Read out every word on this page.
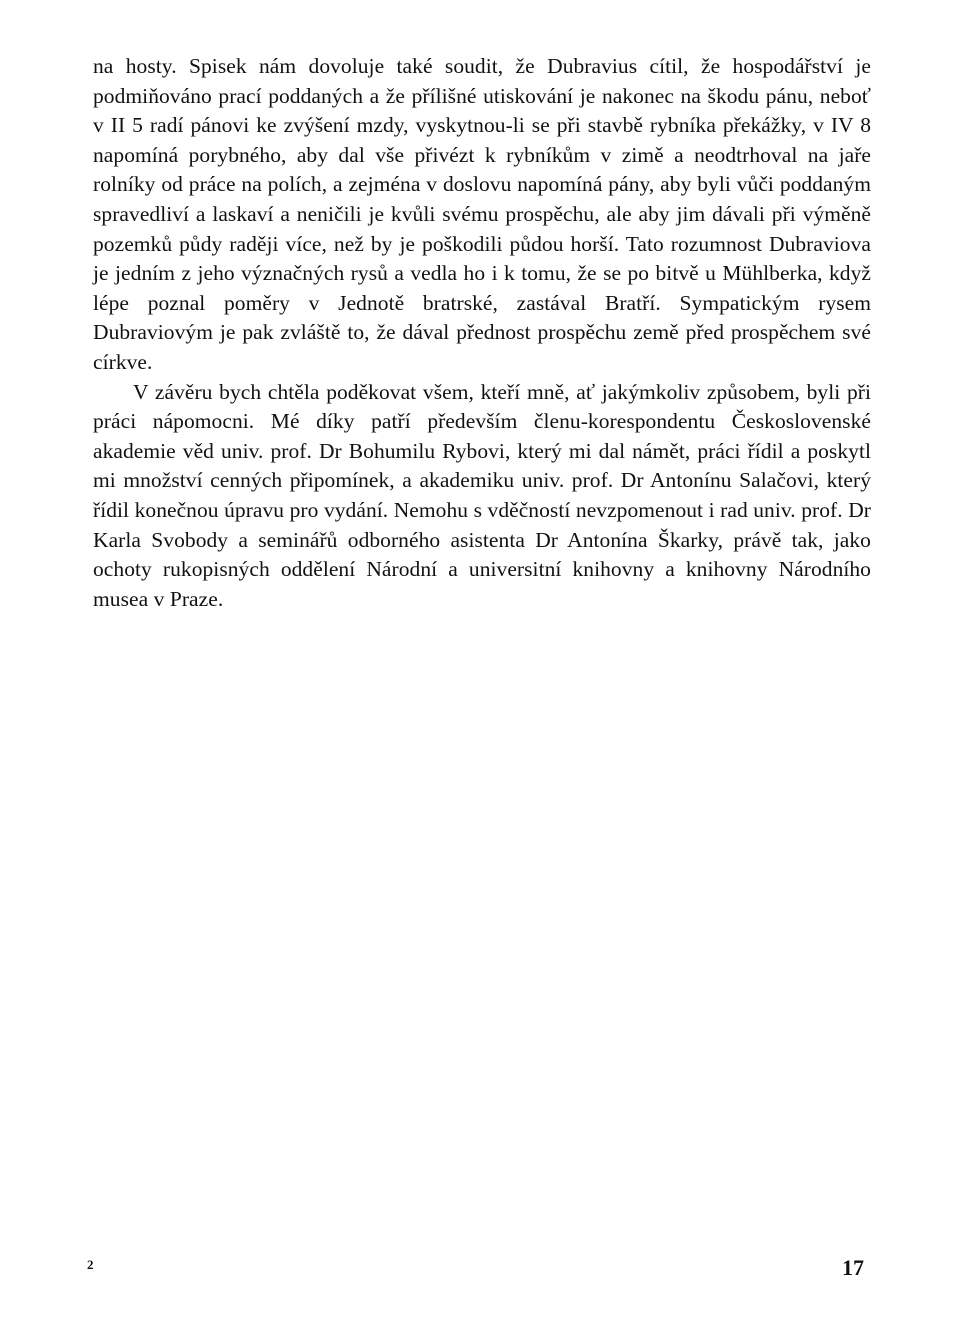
na hosty. Spisek nám dovoluje také soudit, že Dubravius cítil, že hospodářství je podmiňováno prací poddaných a že přílišné utiskování je nakonec na škodu pánu, neboť v II 5 radí pánovi ke zvýšení mzdy, vyskytnou-li se při stavbě rybníka překážky, v IV 8 napomíná porybného, aby dal vše přivézt k rybníkům v zimě a neodtrhoval na jaře rolníky od práce na polích, a zejména v doslovu napomíná pány, aby byli vůči poddaným spravedliví a laskaví a neničili je kvůli svému prospěchu, ale aby jim dávali při výměně pozemků půdy raději více, než by je poškodili půdou horší. Tato rozumnost Dubraviova je jedním z jeho význačných rysů a vedla ho i k tomu, že se po bitvě u Mühlberka, když lépe poznal poměry v Jednotě bratrské, zastával Bratří. Sympatickým rysem Dubraviovým je pak zvláště to, že dával přednost prospěchu země před prospěchem své církve.

V závěru bych chtěla poděkovat všem, kteří mně, ať jakýmkoliv způsobem, byli při práci nápomocni. Mé díky patří především členu-korespondentu Československé akademie věd univ. prof. Dr Bohumilu Rybovi, který mi dal námět, práci řídil a poskytl mi množství cenných připomínek, a akademiku univ. prof. Dr Antonínu Salačovi, který řídil konečnou úpravu pro vydání. Nemohu s vděčností nevzpomenout i rad univ. prof. Dr Karla Svobody a seminářů odborného asistenta Dr Antonína Škarky, právě tak, jako ochoty rukopisných oddělení Národní a universitní knihovny a knihovny Národního musea v Praze.

2	17
